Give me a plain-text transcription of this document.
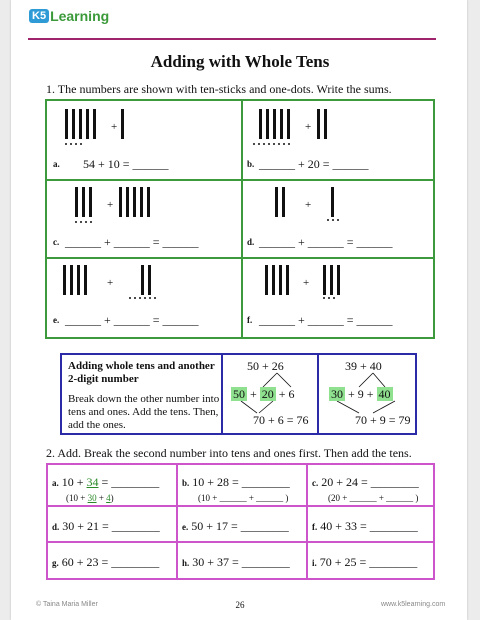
K5 Learning
Adding with Whole Tens
1. The numbers are shown with ten-sticks and one-dots. Write the sums.
+
a. 54 + 10 = ______
+
b. ______ + 20 = ______
+
c. ______ + ______ = ______
+
d. ______ + ______ = ______
+
e. ______ + ______ = ______
+
f. ______ + ______ = ______
Adding whole tens and another 2-digit number
Break down the other number into tens and ones. Add the tens. Then, add the ones.
50 + 26
50 + 20 + 6
70 + 6 = 76
39 + 40
30 + 9 + 40
70 + 9 = 79
2. Add. Break the second number into tens and ones first. Then add the tens.
a. 10 + 34 = ________
(10 + 30 + 4)
b. 10 + 28 = ________
(10 + ______ + ______ )
c. 20 + 24 = ________
(20 + ______ + ______ )
d. 30 + 21 = ________ e. 50 + 17 = ________	f. 40 + 33 = ________
g. 60 + 23 = ________	h. 30 + 37 = ________ i. 70 + 25 = ________
© Taina Maria Miller	26	www.k5learning.com
